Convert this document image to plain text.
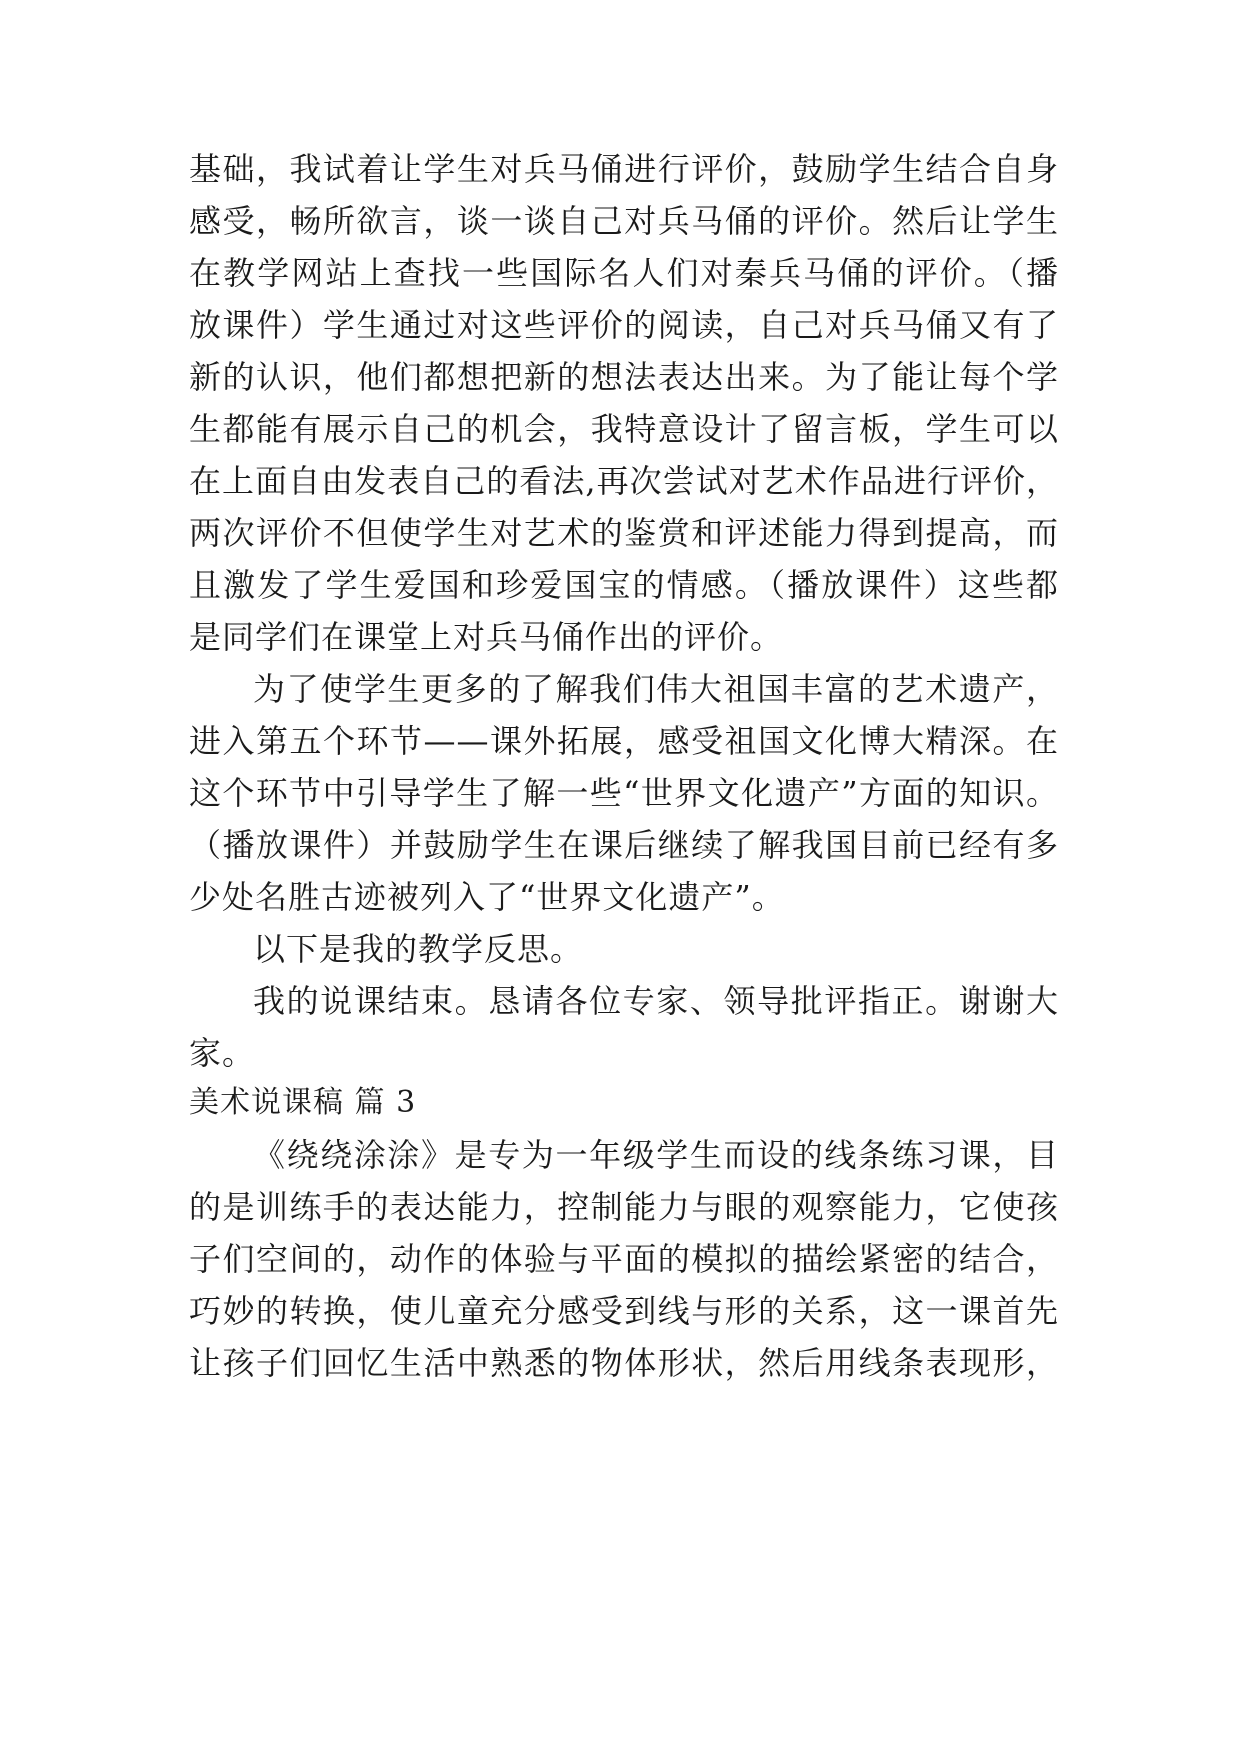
基础，我试着让学生对兵马俑进行评价，鼓励学生结合自身
感受，畅所欲言，谈一谈自己对兵马俑的评价。然后让学生
在教学网站上查找一些国际名人们对秦兵马俑的评价。（播
放课件）学生通过对这些评价的阅读，自己对兵马俑又有了
新的认识，他们都想把新的想法表达出来。为了能让每个学
生都能有展示自己的机会，我特意设计了留言板，学生可以
在上面自由发表自己的看法,再次尝试对艺术作品进行评价，
两次评价不但使学生对艺术的鉴赏和评述能力得到提高，而
且激发了学生爱国和珍爱国宝的情感。（播放课件）这些都
是同学们在课堂上对兵马俑作出的评价。
为了使学生更多的了解我们伟大祖国丰富的艺术遗产，
进入第五个环节——课外拓展，感受祖国文化博大精深。在
这个环节中引导学生了解一些“世界文化遗产”方面的知识。
（播放课件）并鼓励学生在课后继续了解我国目前已经有多
少处名胜古迹被列入了“世界文化遗产”。
以下是我的教学反思。
我的说课结束。恳请各位专家、领导批评指正。谢谢大
家。
美术说课稿 篇 3
《绕绕涂涂》是专为一年级学生而设的线条练习课，目
的是训练手的表达能力，控制能力与眼的观察能力，它使孩
子们空间的，动作的体验与平面的模拟的描绘紧密的结合，
巧妙的转换，使儿童充分感受到线与形的关系，这一课首先
让孩子们回忆生活中熟悉的物体形状，然后用线条表现形，
